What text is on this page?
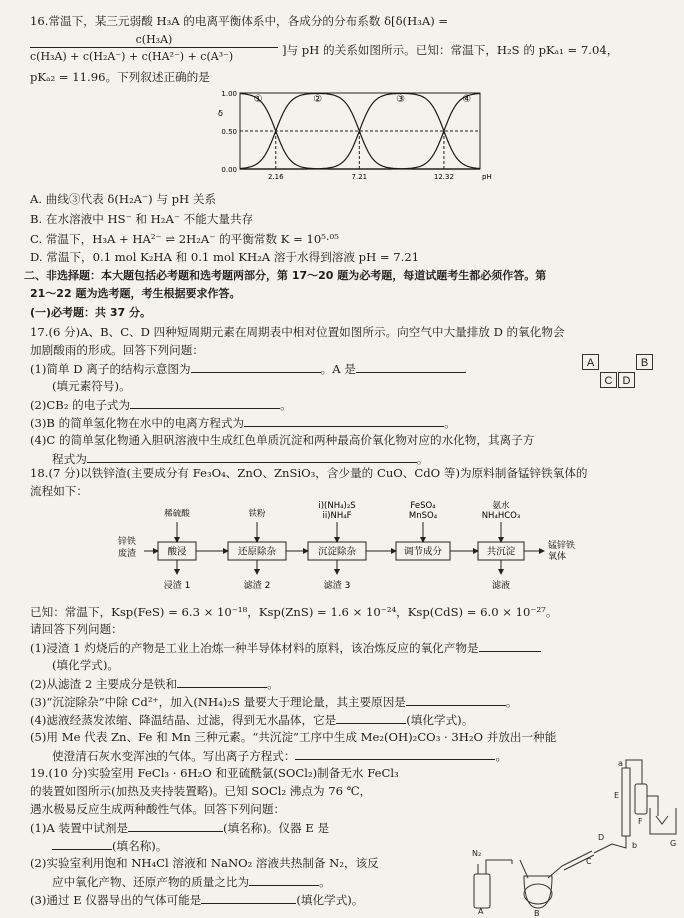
16.常温下，某三元弱酸 H₃A 的电离平衡体系中，各成分的分布系数 δ[δ(H₃A) =
c(H₃A)
c(H₃A) + c(H₂A⁻) + c(HA²⁻) + c(A³⁻)	]与 pH 的关系如图所示。已知：常温下，H₂S 的 pKₐ₁ = 7.04，
pKₐ₂ = 11.96。下列叙述正确的是
①	②	③	④
1.00
0.50
0.00
δ
2.16	7.21	12.32	pH
A. 曲线③代表 δ(H₂A⁻) 与 pH 关系
B. 在水溶液中 HS⁻ 和 H₂A⁻ 不能大量共存
C. 常温下，H₃A + HA²⁻ ⇌ 2H₂A⁻ 的平衡常数 K = 10⁵·⁰⁵
D. 常温下，0.1 mol K₂HA 和 0.1 mol KH₂A 溶于水得到溶液 pH = 7.21
二、非选择题：本大题包括必考题和选考题两部分，第 17～20 题为必考题，每道试题考生都必须作答。第
21～22 题为选考题，考生根据要求作答。
(一)必考题：共 37 分。
17.(6 分)A、B、C、D 四种短周期元素在周期表中相对位置如图所示。向空气中大量排放 D 的氧化物会
加剧酸雨的形成。回答下列问题：
(1)简单 D 离子的结构示意图为	。A 是
(填元素符号)。
A	B
C D
(2)CB₂ 的电子式为	。
(3)B 的简单氢化物在水中的电离方程式为	。
(4)C 的简单氢化物通入胆矾溶液中生成红色单质沉淀和两种最高价氧化物对应的水化物，其离子方
程式为	。
18.(7 分)以铁锌渣(主要成分有 Fe₃O₄、ZnO、ZnSiO₃，含少量的 CuO、CdO 等)为原料制备锰锌铁氧体的
流程如下：
锌铁
废渣	酸浸
稀硫酸
浸渣 1
还原除杂
铁粉
滤渣 2
沉淀除杂
i)(NH₄)₂S
ii)NH₄F
滤渣 3
调节成分
FeSO₄
MnSO₄
共沉淀
氨水
NH₄HCO₃
滤液
锰锌铁
氧体
已知：常温下，Ksp(FeS) = 6.3 × 10⁻¹⁸，Ksp(ZnS) = 1.6 × 10⁻²⁴，Ksp(CdS) = 6.0 × 10⁻²⁷。
请回答下列问题：
(1)浸渣 1 灼烧后的产物是工业上冶炼一种半导体材料的原料，该冶炼反应的氧化产物是
(填化学式)。
(2)从滤渣 2 主要成分是铁和	。
(3)“沉淀除杂”中除 Cd²⁺，加入(NH₄)₂S 量要大于理论量，其主要原因是	。
(4)滤液经蒸发浓缩、降温结晶、过滤，得到无水晶体，它是	(填化学式)。
(5)用 Me 代表 Zn、Fe 和 Mn 三种元素。“共沉淀”工序中生成 Me₂(OH)₂CO₃ · 3H₂O 并放出一种能
使澄清石灰水变浑浊的气体。写出离子方程式：	。
19.(10 分)实验室用 FeCl₃ · 6H₂O 和亚硫酰氯(SOCl₂)制备无水 FeCl₃
的装置如图所示(加热及夹持装置略)。已知 SOCl₂ 沸点为 76 ℃，
遇水极易反应生成两种酸性气体。回答下列问题：
(1)A 装置中试剂是	(填名称)。仪器 E 是
(填名称)。
(2)实验室利用饱和 NH₄Cl 溶液和 NaNO₂ 溶液共热制备 N₂，该反
应中氧化产物、还原产物的质量之比为	。
(3)通过 E 仪器导出的气体可能是	(填化学式)。
N₂
A	B
C
D
E
F
G
a
b
